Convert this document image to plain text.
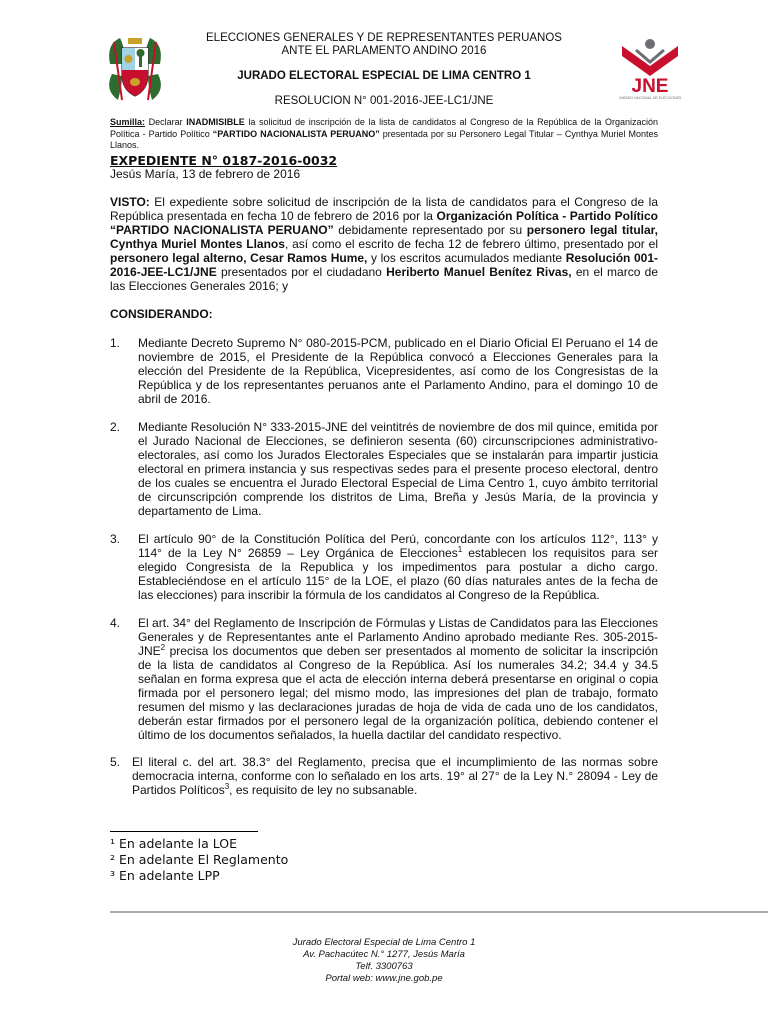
ELECCIONES GENERALES Y DE REPRESENTANTES PERUANOS
ANTE EL PARLAMENTO ANDINO 2016
JURADO ELECTORAL ESPECIAL DE LIMA CENTRO 1
RESOLUCION N° 001-2016-JEE-LC1/JNE
JNE
JURADO NACIONAL DE ELECCIONES
Sumilla: Declarar INADMISIBLE la solicitud de inscripción de la lista de candidatos al Congreso de la República de la Organización Política - Partido Político “PARTIDO NACIONALISTA PERUANO” presentada por su Personero Legal Titular – Cynthya Muriel Montes Llanos.
EXPEDIENTE N° 0187-2016-0032
Jesús María, 13 de febrero de 2016
VISTO: El expediente sobre solicitud de inscripción de la lista de candidatos para el Congreso de la República presentada en fecha 10 de febrero de 2016 por la Organización Política - Partido Político “PARTIDO NACIONALISTA PERUANO” debidamente representado por su personero legal titular, Cynthya Muriel Montes Llanos, así como el escrito de fecha 12 de febrero último, presentado por el personero legal alterno, Cesar Ramos Hume, y los escritos acumulados mediante Resolución 001-2016-JEE-LC1/JNE presentados por el ciudadano Heriberto Manuel Benítez Rivas, en el marco de las Elecciones Generales 2016; y
CONSIDERANDO:
1. Mediante Decreto Supremo N° 080-2015-PCM, publicado en el Diario Oficial El Peruano el 14 de noviembre de 2015, el Presidente de la República convocó a Elecciones Generales para la elección del Presidente de la República, Vicepresidentes, así como de los Congresistas de la República y de los representantes peruanos ante el Parlamento Andino, para el domingo 10 de abril de 2016.
2. Mediante Resolución N° 333-2015-JNE del veintitrés de noviembre de dos mil quince, emitida por el Jurado Nacional de Elecciones, se definieron sesenta (60) circunscripciones administrativo-electorales, así como los Jurados Electorales Especiales que se instalarán para impartir justicia electoral en primera instancia y sus respectivas sedes para el presente proceso electoral, dentro de los cuales se encuentra el Jurado Electoral Especial de Lima Centro 1, cuyo ámbito territorial de circunscripción comprende los distritos de Lima, Breña y Jesús María, de la provincia y departamento de Lima.
3. El artículo 90° de la Constitución Política del Perú, concordante con los artículos 112°, 113° y 114° de la Ley N° 26859 – Ley Orgánica de Elecciones$^1$ establecen los requisitos para ser elegido Congresista de la Republica y los impedimentos para postular a dicho cargo. Estableciéndose en el artículo 115° de la LOE, el plazo (60 días naturales antes de la fecha de las elecciones) para inscribir la fórmula de los candidatos al Congreso de la República.
4. El art. 34° del Reglamento de Inscripción de Fórmulas y Listas de Candidatos para las Elecciones Generales y de Representantes ante el Parlamento Andino aprobado mediante Res. 305-2015-JNE$^2$ precisa los documentos que deben ser presentados al momento de solicitar la inscripción de la lista de candidatos al Congreso de la República. Así los numerales 34.2; 34.4 y 34.5 señalan en forma expresa que el acta de elección interna deberá presentarse en original o copia firmada por el personero legal; del mismo modo, las impresiones del plan de trabajo, formato resumen del mismo y las declaraciones juradas de hoja de vida de cada uno de los candidatos, deberán estar firmados por el personero legal de la organización política, debiendo contener el último de los documentos señalados, la huella dactilar del candidato respectivo.
5. El literal c. del art. 38.3° del Reglamento, precisa que el incumplimiento de las normas sobre democracia interna, conforme con lo señalado en los arts. 19° al 27° de la Ley N.° 28094 - Ley de Partidos Políticos$^3$, es requisito de ley no subsanable.
¹ En adelante la LOE
² En adelante El Reglamento
³ En adelante LPP
Jurado Electoral Especial de Lima Centro 1
Av. Pachacútec N.° 1277, Jesús María
Telf. 3300763
Portal web: www.jne.gob.pe
